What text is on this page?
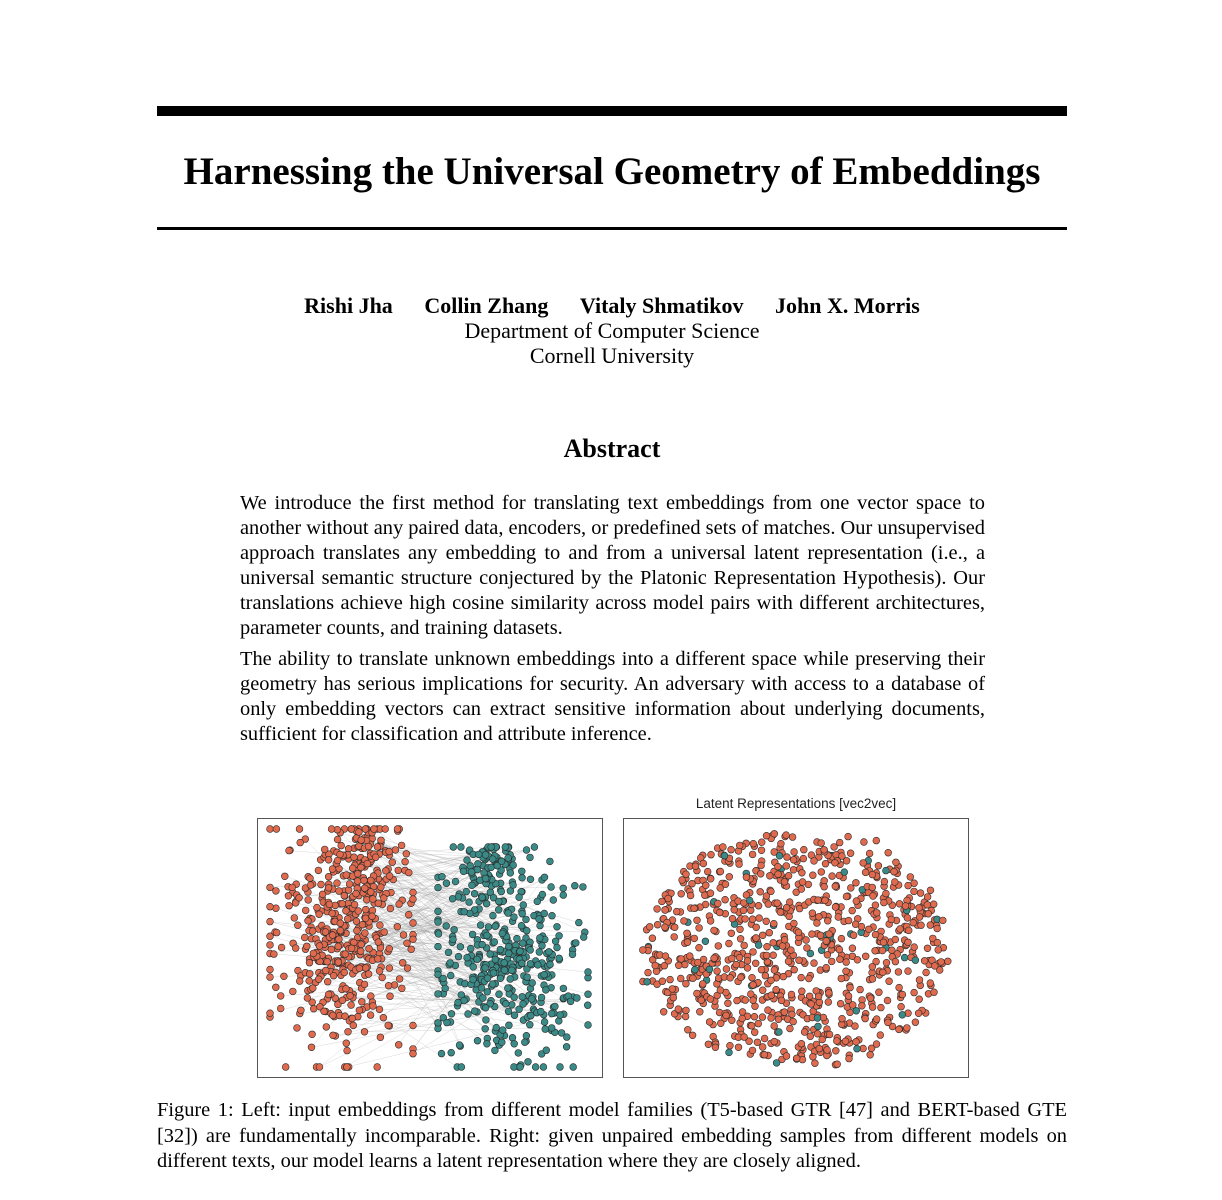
Harnessing the Universal Geometry of Embeddings
Rishi Jha Collin Zhang Vitaly Shmatikov John X. Morris
Department of Computer Science
Cornell University
Abstract

We introduce the first method for translating text embeddings from one vector space to another without any paired data, encoders, or predefined sets of matches. Our unsupervised approach translates any embedding to and from a universal latent representation (i.e., a universal semantic structure conjectured by the Platonic Representation Hypothesis). Our translations achieve high cosine similarity across model pairs with different architectures, parameter counts, and training datasets.

The ability to translate unknown embeddings into a different space while preserving their geometry has serious implications for security. An adversary with access to a database of only embedding vectors can extract sensitive information about underlying documents, sufficient for classification and attribute inference.

Latent Representations [vec2vec]

Figure 1: Left: input embeddings from different model families (T5-based GTR [47] and BERT-based GTE [32]) are fundamentally incomparable. Right: given unpaired embedding samples from different models on different texts, our model learns a latent representation where they are closely aligned.
